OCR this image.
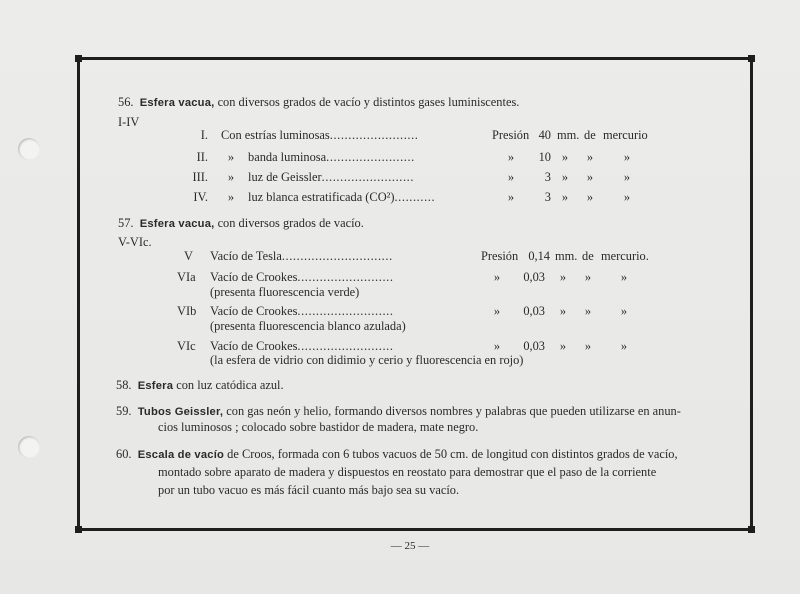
56. Esfera vacua, con diversos grados de vacío y distintos gases luminiscentes.
I-IV
I. Con estrías luminosas........................	Presión 40 mm. de mercurio
II. » banda luminosa........................	»	10 » » »
III. » luz de Geissler.........................	»	3 » » »
IV. » luz blanca estratificada (CO²)...........	»	3 » » »
57. Esfera vacua, con diversos grados de vacío.
V-VIc.
V Vacío de Tesla..............................	Presión 0,14 mm. de mercurio.
VIa Vacío de Crookes..........................	»	0,03 » » »
(presenta fluorescencia verde)
VIb Vacío de Crookes..........................	»	0,03 » » »
(presenta fluorescencia blanco azulada)
VIc Vacío de Crookes..........................	»	0,03 » » »
(la esfera de vidrio con didimio y cerio y fluorescencia en rojo)
58. Esfera con luz catódica azul.
59. Tubos Geissler, con gas neón y helio, formando diversos nombres y palabras que pueden utilizarse en anun-
cios luminosos ; colocado sobre bastidor de madera, mate negro.
60. Escala de vacío de Croos, formada con 6 tubos vacuos de 50 cm. de longitud con distintos grados de vacío,
montado sobre aparato de madera y dispuestos en reostato para demostrar que el paso de la corriente
por un tubo vacuo es más fácil cuanto más bajo sea su vacío.
— 25 —
